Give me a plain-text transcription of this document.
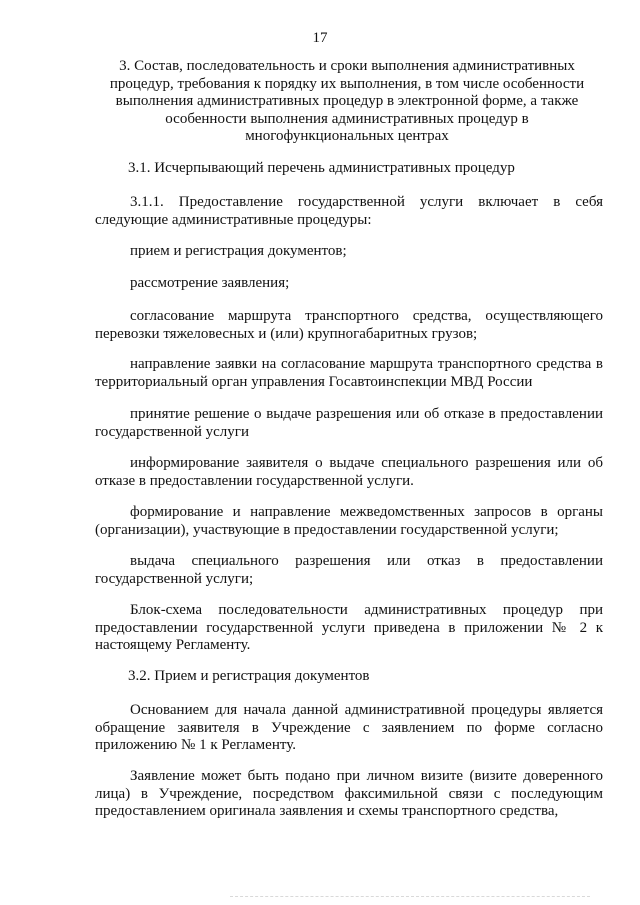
17
3. Состав, последовательность и сроки выполнения административных процедур, требования к порядку их выполнения, в том числе особенности выполнения административных процедур в электронной форме, а также особенности выполнения административных процедур в многофункциональных центрах
3.1. Исчерпывающий перечень административных процедур
3.1.1. Предоставление государственной услуги включает в себя следующие административные процедуры:
прием и регистрация документов;
рассмотрение заявления;
согласование маршрута транспортного средства, осуществляющего перевозки тяжеловесных и (или) крупногабаритных грузов;
направление заявки на согласование маршрута транспортного средства в территориальный орган управления Госавтоинспекции МВД России
принятие решение о выдаче разрешения или об отказе в предоставлении государственной услуги
информирование заявителя о выдаче специального разрешения или об отказе в предоставлении государственной услуги.
формирование и направление межведомственных запросов в органы (организации), участвующие в предоставлении государственной услуги;
выдача специального разрешения или отказ в предоставлении государственной услуги;
Блок-схема последовательности административных процедур при предоставлении государственной услуги приведена в приложении № 2 к настоящему Регламенту.
3.2. Прием и регистрация документов
Основанием для начала данной административной процедуры является обращение заявителя в Учреждение с заявлением по форме согласно приложению № 1 к Регламенту.
Заявление может быть подано при личном визите (визите доверенного лица) в Учреждение, посредством факсимильной связи с последующим предоставлением оригинала заявления и схемы транспортного средства,
